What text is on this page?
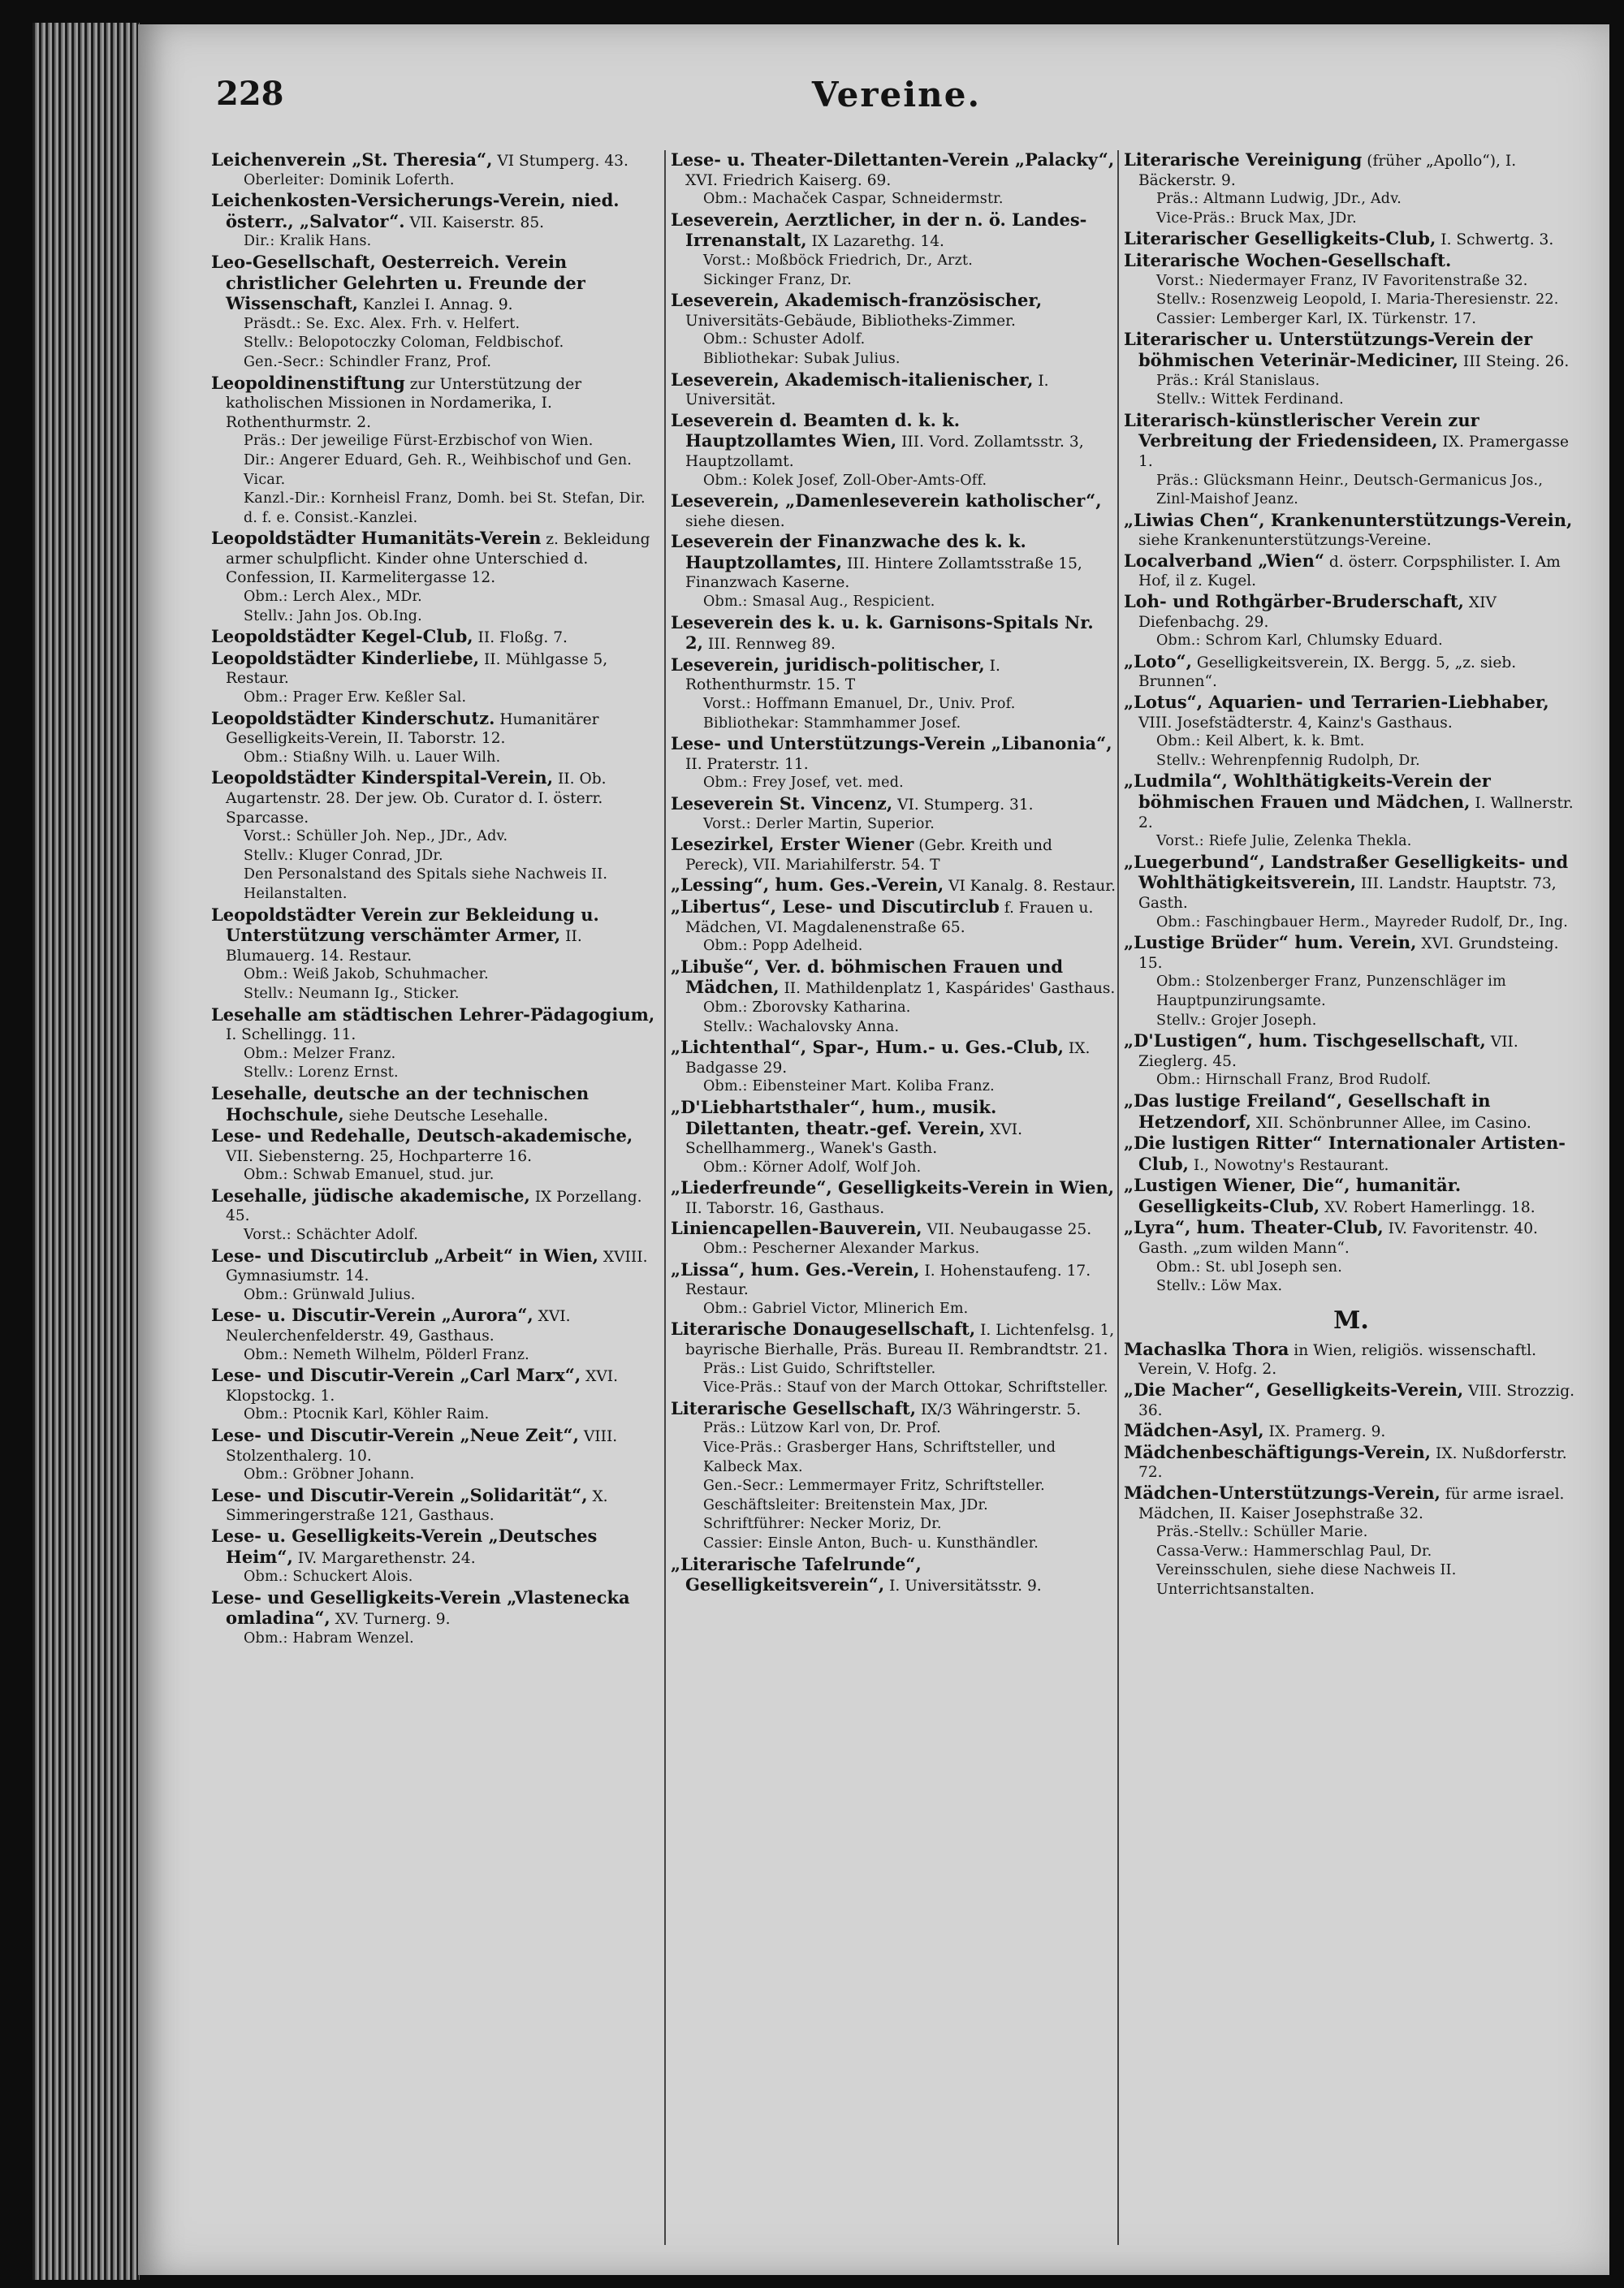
228	Vereine.

Leichenverein „St. Theresia“, VI Stumperg. 43.
Oberleiter: Dominik Loferth.

Leichenkosten-Versicherungs-Verein, nied. österr., „Salvator“. VII. Kaiserstr. 85.
Dir.: Kralik Hans.

Leo-Gesellschaft, Oesterreich. Verein christlicher Gelehrten u. Freunde der Wissenschaft, Kanzlei I. Annag. 9.
Präsdt.: Se. Exc. Alex. Frh. v. Helfert.
Stellv.: Belopotoczky Coloman, Feldbischof.
Gen.-Secr.: Schindler Franz, Prof.

Leopoldinenstiftung zur Unterstützung der katholischen Missionen in Nordamerika, I. Rothenthurmstr. 2.
Präs.: Der jeweilige Fürst-Erzbischof von Wien.
Dir.: Angerer Eduard, Geh. R., Weihbischof und Gen. Vicar.
Kanzl.-Dir.: Kornheisl Franz, Domh. bei St. Stefan, Dir. d. f. e. Consist.-Kanzlei.

Leopoldstädter Humanitäts-Verein z. Bekleidung armer schulpflicht. Kinder ohne Unterschied d. Confession, II. Karmelitergasse 12.
Obm.: Lerch Alex., MDr.
Stellv.: Jahn Jos. Ob.Ing.

Leopoldstädter Kegel-Club, II. Floßg. 7.

Leopoldstädter Kinderliebe, II. Mühlgasse 5, Restaur.
Obm.: Prager Erw. Keßler Sal.

Leopoldstädter Kinderschutz. Humanitärer Geselligkeits-Verein, II. Taborstr. 12.
Obm.: Stiaßny Wilh. u. Lauer Wilh.

Leopoldstädter Kinderspital-Verein, II. Ob. Augartenstr. 28. Der jew. Ob. Curator d. I. österr. Sparcasse.
Vorst.: Schüller Joh. Nep., JDr., Adv.
Stellv.: Kluger Conrad, JDr.
Den Personalstand des Spitals siehe Nachweis II. Heilanstalten.

Leopoldstädter Verein zur Bekleidung u. Unterstützung verschämter Armer, II. Blumauerg. 14. Restaur.
Obm.: Weiß Jakob, Schuhmacher.
Stellv.: Neumann Ig., Sticker.

Lesehalle am städtischen Lehrer-Pädagogium, I. Schellingg. 11.
Obm.: Melzer Franz.
Stellv.: Lorenz Ernst.

Lesehalle, deutsche an der technischen Hochschule, siehe Deutsche Lesehalle.

Lese- und Redehalle, Deutsch-akademische, VII. Siebensterng. 25, Hochparterre 16.
Obm.: Schwab Emanuel, stud. jur.

Lesehalle, jüdische akademische, IX Porzellang. 45.
Vorst.: Schächter Adolf.

Lese- und Discutirclub „Arbeit“ in Wien, XVIII. Gymnasiumstr. 14.
Obm.: Grünwald Julius.

Lese- u. Discutir-Verein „Aurora“, XVI. Neulerchenfelderstr. 49, Gasthaus.
Obm.: Nemeth Wilhelm, Pölderl Franz.

Lese- und Discutir-Verein „Carl Marx“, XVI. Klopstockg. 1.
Obm.: Ptocnik Karl, Köhler Raim.

Lese- und Discutir-Verein „Neue Zeit“, VIII. Stolzenthalerg. 10.
Obm.: Gröbner Johann.

Lese- und Discutir-Verein „Solidarität“, X. Simmeringerstraße 121, Gasthaus.

Lese- u. Geselligkeits-Verein „Deutsches Heim“, IV. Margarethenstr. 24.
Obm.: Schuckert Alois.

Lese- und Geselligkeits-Verein „Vlastenecka omladina“, XV. Turnerg. 9.
Obm.: Habram Wenzel.

Lese- u. Theater-Dilettanten-Verein „Palacky“, XVI. Friedrich Kaiserg. 69.
Obm.: Machaček Caspar, Schneidermstr.

Leseverein, Aerztlicher, in der n. ö. Landes-Irrenanstalt, IX Lazarethg. 14.
Vorst.: Moßböck Friedrich, Dr., Arzt.
Sickinger Franz, Dr.

Leseverein, Akademisch-französischer, Universitäts-Gebäude, Bibliotheks-Zimmer.
Obm.: Schuster Adolf.
Bibliothekar: Subak Julius.

Leseverein, Akademisch-italienischer, I. Universität.

Leseverein d. Beamten d. k. k. Hauptzollamtes Wien, III. Vord. Zollamtsstr. 3, Hauptzollamt.
Obm.: Kolek Josef, Zoll-Ober-Amts-Off.

Leseverein, „Damenleseverein katholischer“, siehe diesen.

Leseverein der Finanzwache des k. k. Hauptzollamtes, III. Hintere Zollamtsstraße 15, Finanzwach Kaserne.
Obm.: Smasal Aug., Respicient.

Leseverein des k. u. k. Garnisons-Spitals Nr. 2, III. Rennweg 89.

Leseverein, juridisch-politischer, I. Rothenthurmstr. 15. T
Vorst.: Hoffmann Emanuel, Dr., Univ. Prof.
Bibliothekar: Stammhammer Josef.

Lese- und Unterstützungs-Verein „Libanonia“, II. Praterstr. 11.
Obm.: Frey Josef, vet. med.

Leseverein St. Vincenz, VI. Stumperg. 31.
Vorst.: Derler Martin, Superior.

Lesezirkel, Erster Wiener (Gebr. Kreith und Pereck), VII. Mariahilferstr. 54. T

„Lessing“, hum. Ges.-Verein, VI Kanalg. 8. Restaur.

„Libertus“, Lese- und Discutirclub f. Frauen u. Mädchen, VI. Magdalenenstraße 65.
Obm.: Popp Adelheid.

„Libuše“, Ver. d. böhmischen Frauen und Mädchen, II. Mathildenplatz 1, Kaspárides' Gasthaus.
Obm.: Zborovsky Katharina.
Stellv.: Wachalovsky Anna.

„Lichtenthal“, Spar-, Hum.- u. Ges.-Club, IX. Badgasse 29.
Obm.: Eibensteiner Mart. Koliba Franz.

„D'Liebhartsthaler“, hum., musik. Dilettanten, theatr.-gef. Verein, XVI. Schellhammerg., Wanek's Gasth.
Obm.: Körner Adolf, Wolf Joh.

„Liederfreunde“, Geselligkeits-Verein in Wien, II. Taborstr. 16, Gasthaus.

Liniencapellen-Bauverein, VII. Neubaugasse 25.
Obm.: Pescherner Alexander Markus.

„Lissa“, hum. Ges.-Verein, I. Hohenstaufeng. 17. Restaur.
Obm.: Gabriel Victor, Mlinerich Em.

Literarische Donaugesellschaft, I. Lichtenfelsg. 1, bayrische Bierhalle, Präs. Bureau II. Rembrandtstr. 21.
Präs.: List Guido, Schriftsteller.
Vice-Präs.: Stauf von der March Ottokar, Schriftsteller.

Literarische Gesellschaft, IX/3 Währingerstr. 5.
Präs.: Lützow Karl von, Dr. Prof.
Vice-Präs.: Grasberger Hans, Schriftsteller, und Kalbeck Max.
Gen.-Secr.: Lemmermayer Fritz, Schriftsteller.
Geschäftsleiter: Breitenstein Max, JDr.
Schriftführer: Necker Moriz, Dr.
Cassier: Einsle Anton, Buch- u. Kunsthändler.

„Literarische Tafelrunde“, Geselligkeitsverein“, I. Universitätsstr. 9.

Literarische Vereinigung (früher „Apollo“), I. Bäckerstr. 9.
Präs.: Altmann Ludwig, JDr., Adv.
Vice-Präs.: Bruck Max, JDr.

Literarischer Geselligkeits-Club, I. Schwertg. 3.

Literarische Wochen-Gesellschaft.
Vorst.: Niedermayer Franz, IV Favoritenstraße 32.
Stellv.: Rosenzweig Leopold, I. Maria-Theresienstr. 22.
Cassier: Lemberger Karl, IX. Türkenstr. 17.

Literarischer u. Unterstützungs-Verein der böhmischen Veterinär-Mediciner, III Steing. 26.
Präs.: Král Stanislaus.
Stellv.: Wittek Ferdinand.

Literarisch-künstlerischer Verein zur Verbreitung der Friedensideen, IX. Pramergasse 1.
Präs.: Glücksmann Heinr., Deutsch-Germanicus Jos., Zinl-Maishof Jeanz.

„Liwias Chen“, Krankenunterstützungs-Verein, siehe Krankenunterstützungs-Vereine.

Localverband „Wien“ d. österr. Corpsphilister. I. Am Hof, il z. Kugel.

Loh- und Rothgärber-Bruderschaft, XIV Diefenbachg. 29.
Obm.: Schrom Karl, Chlumsky Eduard.

„Loto“, Geselligkeitsverein, IX. Bergg. 5, „z. sieb. Brunnen“.

„Lotus“, Aquarien- und Terrarien-Liebhaber, VIII. Josefstädterstr. 4, Kainz's Gasthaus.
Obm.: Keil Albert, k. k. Bmt.
Stellv.: Wehrenpfennig Rudolph, Dr.

„Ludmila“, Wohlthätigkeits-Verein der böhmischen Frauen und Mädchen, I. Wallnerstr. 2.
Vorst.: Riefe Julie, Zelenka Thekla.

„Luegerbund“, Landstraßer Geselligkeits- und Wohlthätigkeitsverein, III. Landstr. Hauptstr. 73, Gasth.
Obm.: Faschingbauer Herm., Mayreder Rudolf, Dr., Ing.

„Lustige Brüder“ hum. Verein, XVI. Grundsteing. 15.
Obm.: Stolzenberger Franz, Punzenschläger im Hauptpunzirungsamte.
Stellv.: Grojer Joseph.

„D'Lustigen“, hum. Tischgesellschaft, VII. Zieglerg. 45.
Obm.: Hirnschall Franz, Brod Rudolf.

„Das lustige Freiland“, Gesellschaft in Hetzendorf, XII. Schönbrunner Allee, im Casino.

„Die lustigen Ritter“ Internationaler Artisten-Club, I., Nowotny's Restaurant.

„Lustigen Wiener, Die“, humanitär. Geselligkeits-Club, XV. Robert Hamerlingg. 18.

„Lyra“, hum. Theater-Club, IV. Favoritenstr. 40. Gasth. „zum wilden Mann“.
Obm.: St. ubl Joseph sen.
Stellv.: Löw Max.

M.

Machaslka Thora in Wien, religiös. wissenschaftl. Verein, V. Hofg. 2.

„Die Macher“, Geselligkeits-Verein, VIII. Strozzig. 36.

Mädchen-Asyl, IX. Pramerg. 9.

Mädchenbeschäftigungs-Verein, IX. Nußdorferstr. 72.

Mädchen-Unterstützungs-Verein, für arme israel. Mädchen, II. Kaiser Josephstraße 32.
Präs.-Stellv.: Schüller Marie.
Cassa-Verw.: Hammerschlag Paul, Dr.
Vereinsschulen, siehe diese Nachweis II. Unterrichtsanstalten.
